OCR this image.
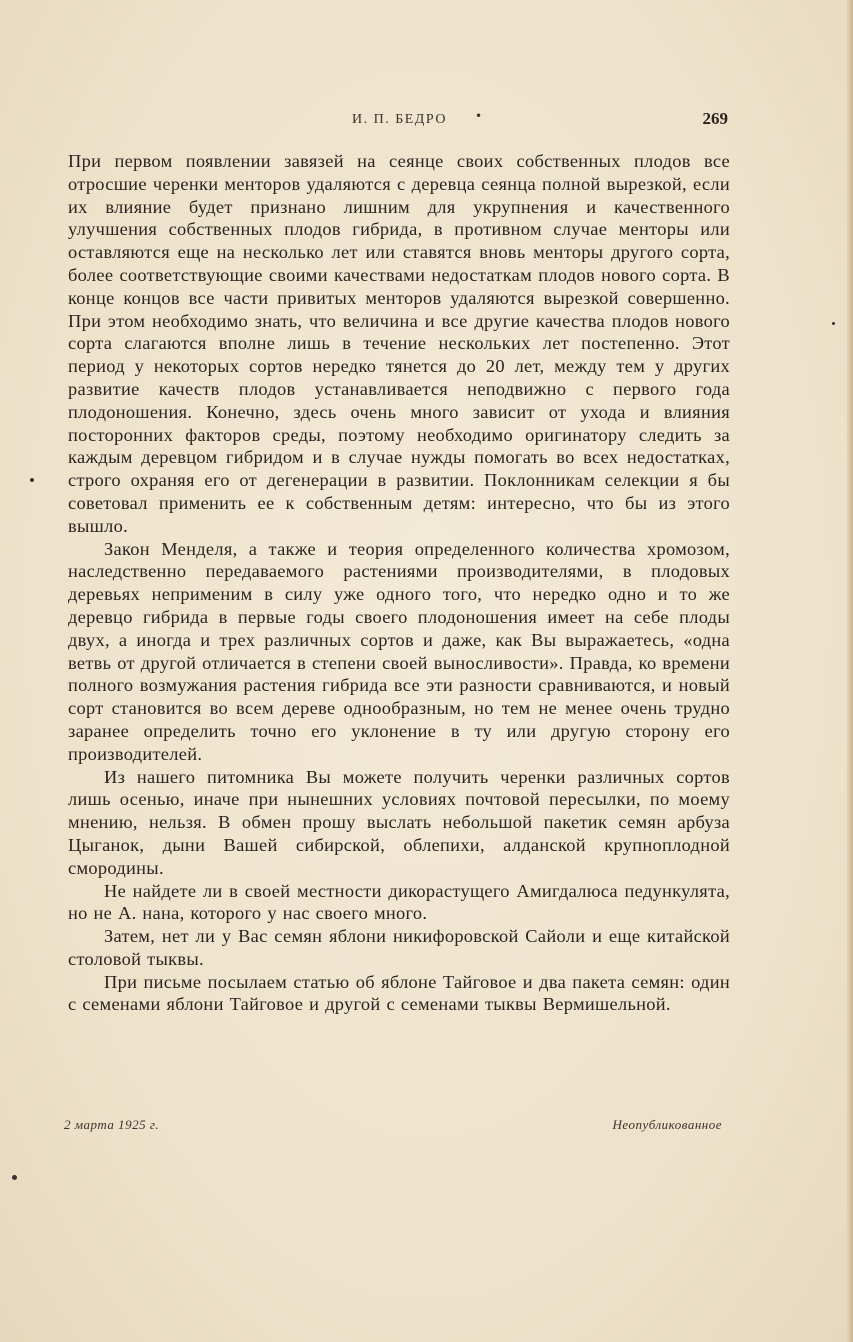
И. П. БЕДРО •	269

При первом появлении завязей на сеянце своих собственных плодов все отросшие черенки менторов удаляются с деревца сеянца полной вырезкой, если их влияние будет признано лишним для укрупнения и качественного улучшения собственных плодов гибрида, в противном случае менторы или оставляются еще на несколько лет или ставятся вновь менторы другого сорта, более соответствующие своими качествами недостаткам плодов нового сорта. В конце концов все части привитых менторов удаляются вырезкой совершенно. При этом необходимо знать, что величина и все другие качества плодов нового сорта слагаются вполне лишь в течение нескольких лет постепенно. Этот период у некоторых сортов нередко тянется до 20 лет, между тем у других развитие качеств плодов устанавливается неподвижно с первого года плодоношения. Конечно, здесь очень много зависит от ухода и влияния посторонних факторов среды, поэтому необходимо оригинатору следить за каждым деревцом гибридом и в случае нужды помогать во всех недостатках, строго охраняя его от дегенерации в развитии. Поклонникам селекции я бы советовал применить ее к собственным детям: интересно, что бы из этого вышло.

Закон Менделя, а также и теория определенного количества хромозом, наследственно передаваемого растениями производителями, в плодовых деревьях неприменим в силу уже одного того, что нередко одно и то же деревцо гибрида в первые годы своего плодоношения имеет на себе плоды двух, а иногда и трех различных сортов и даже, как Вы выражаетесь, «одна ветвь от другой отличается в степени своей выносливости». Правда, ко времени полного возмужания растения гибрида все эти разности сравниваются, и новый сорт становится во всем дереве однообразным, но тем не менее очень трудно заранее определить точно его уклонение в ту или другую сторону его производителей.

Из нашего питомника Вы можете получить черенки различных сортов лишь осенью, иначе при нынешних условиях почтовой пересылки, по моему мнению, нельзя. В обмен прошу выслать небольшой пакетик семян арбуза Цыганок, дыни Вашей сибирской, облепихи, алданской крупноплодной смородины.

Не найдете ли в своей местности дикорастущего Амигдалюса педункулята, но не А. нана, которого у нас своего много.

Затем, нет ли у Вас семян яблони никифоровской Сайоли и еще китайской столовой тыквы.

При письме посылаем статью об яблоне Тайговое и два пакета семян: один с семенами яблони Тайговое и другой с семенами тыквы Вермишельной.

2 марта 1925 г.	Неопубликованное
